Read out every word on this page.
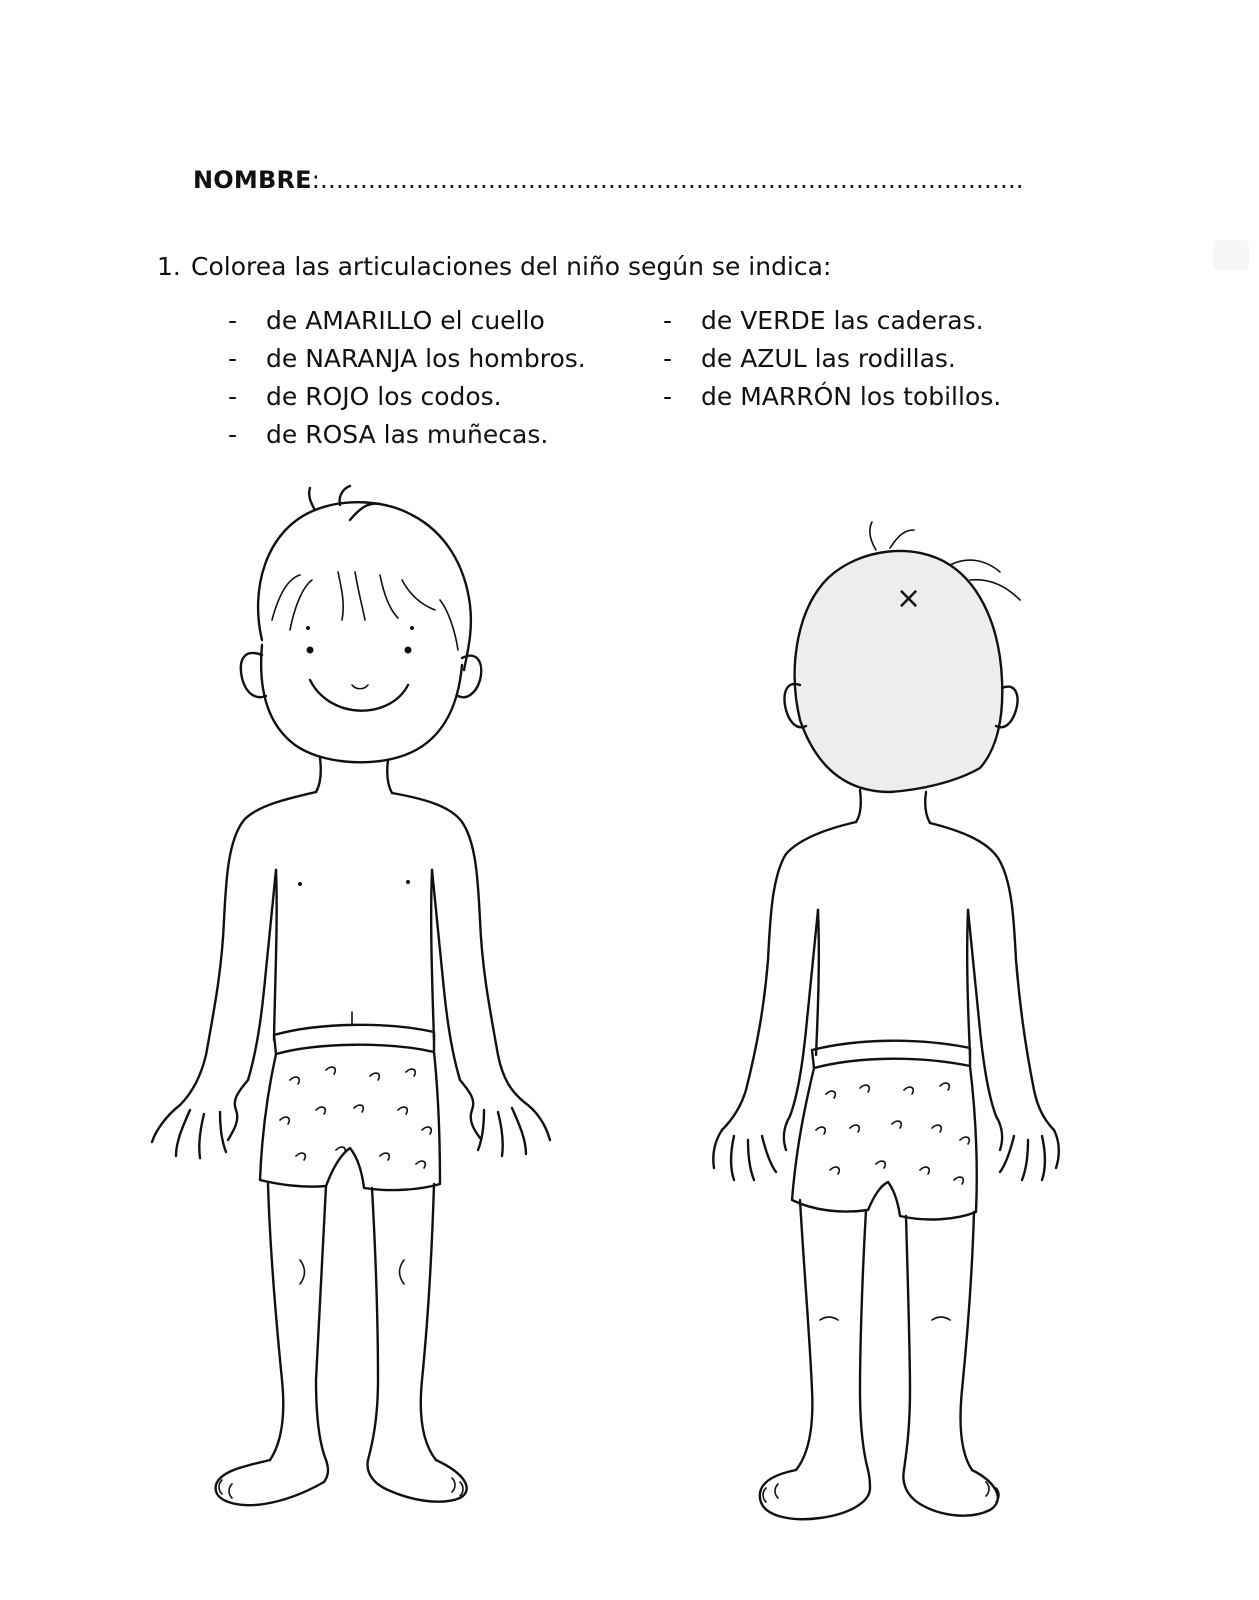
NOMBRE:…………………………………………………………………………….
1. Colorea las articulaciones del niño según se indica:
- de AMARILLO el cuello
- de NARANJA los hombros.
- de ROJO los codos.
- de ROSA las muñecas.
- de VERDE las caderas.
- de AZUL las rodillas.
- de MARRÓN los tobillos.
×
